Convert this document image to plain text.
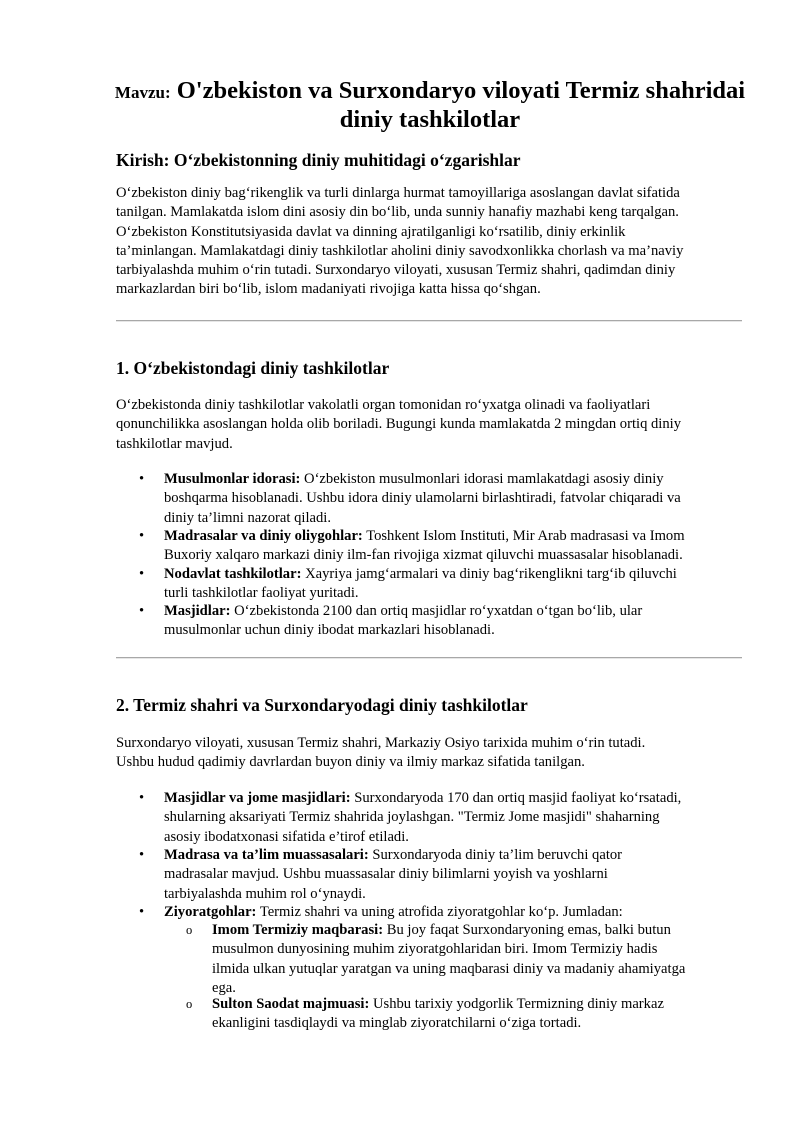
Mavzu: O'zbekiston va Surxondaryo viloyati Termiz shahridai
diniy tashkilotlar
Kirish: O‘zbekistonning diniy muhitidagi o‘zgarishlar
O‘zbekiston diniy bag‘rikenglik va turli dinlarga hurmat tamoyillariga asoslangan davlat sifatida
tanilgan. Mamlakatda islom dini asosiy din bo‘lib, unda sunniy hanafiy mazhabi keng tarqalgan.
O‘zbekiston Konstitutsiyasida davlat va dinning ajratilganligi ko‘rsatilib, diniy erkinlik
ta’minlangan. Mamlakatdagi diniy tashkilotlar aholini diniy savodxonlikka chorlash va ma’naviy
tarbiyalashda muhim o‘rin tutadi. Surxondaryo viloyati, xususan Termiz shahri, qadimdan diniy
markazlardan biri bo‘lib, islom madaniyati rivojiga katta hissa qo‘shgan.
1. O‘zbekistondagi diniy tashkilotlar
O‘zbekistonda diniy tashkilotlar vakolatli organ tomonidan ro‘yxatga olinadi va faoliyatlari
qonunchilikka asoslangan holda olib boriladi. Bugungi kunda mamlakatda 2 mingdan ortiq diniy
tashkilotlar mavjud.
• Musulmonlar idorasi: O‘zbekiston musulmonlari idorasi mamlakatdagi asosiy diniy
boshqarma hisoblanadi. Ushbu idora diniy ulamolarni birlashtiradi, fatvolar chiqaradi va
diniy ta’limni nazorat qiladi.
• Madrasalar va diniy oliygohlar: Toshkent Islom Instituti, Mir Arab madrasasi va Imom
Buxoriy xalqaro markazi diniy ilm-fan rivojiga xizmat qiluvchi muassasalar hisoblanadi.
• Nodavlat tashkilotlar: Xayriya jamg‘armalari va diniy bag‘rikenglikni targ‘ib qiluvchi
turli tashkilotlar faoliyat yuritadi.
• Masjidlar: O‘zbekistonda 2100 dan ortiq masjidlar ro‘yxatdan o‘tgan bo‘lib, ular
musulmonlar uchun diniy ibodat markazlari hisoblanadi.
2. Termiz shahri va Surxondaryodagi diniy tashkilotlar
Surxondaryo viloyati, xususan Termiz shahri, Markaziy Osiyo tarixida muhim o‘rin tutadi.
Ushbu hudud qadimiy davrlardan buyon diniy va ilmiy markaz sifatida tanilgan.
• Masjidlar va jome masjidlari: Surxondaryoda 170 dan ortiq masjid faoliyat ko‘rsatadi,
shularning aksariyati Termiz shahrida joylashgan. "Termiz Jome masjidi" shaharning
asosiy ibodatxonasi sifatida e’tirof etiladi.
• Madrasa va ta’lim muassasalari: Surxondaryoda diniy ta’lim beruvchi qator
madrasalar mavjud. Ushbu muassasalar diniy bilimlarni yoyish va yoshlarni
tarbiyalashda muhim rol o‘ynaydi.
• Ziyoratgohlar: Termiz shahri va uning atrofida ziyoratgohlar ko‘p. Jumladan:
o Imom Termiziy maqbarasi: Bu joy faqat Surxondaryoning emas, balki butun
musulmon dunyosining muhim ziyoratgohlaridan biri. Imom Termiziy hadis
ilmida ulkan yutuqlar yaratgan va uning maqbarasi diniy va madaniy ahamiyatga
ega.
o Sulton Saodat majmuasi: Ushbu tarixiy yodgorlik Termizning diniy markaz
ekanligini tasdiqlaydi va minglab ziyoratchilarni o‘ziga tortadi.
